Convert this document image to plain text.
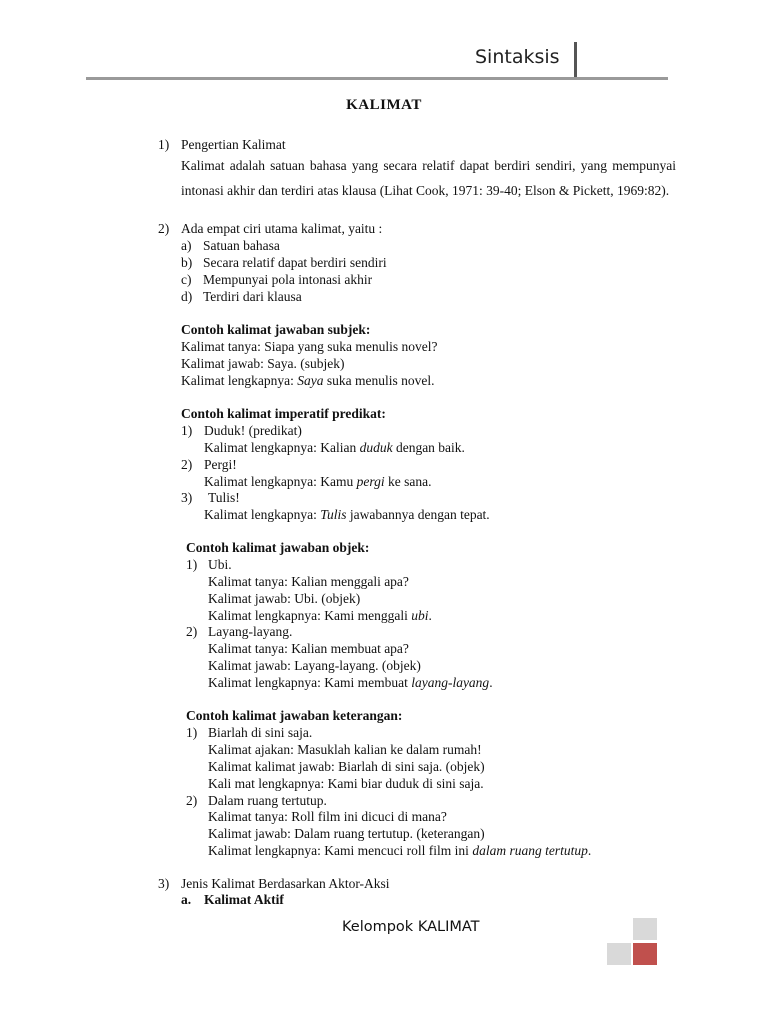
Sintaksis
KALIMAT
1) Pengertian Kalimat
Kalimat adalah satuan bahasa yang secara relatif dapat berdiri sendiri, yang mempunyai intonasi akhir dan terdiri atas klausa (Lihat Cook, 1971: 39-40; Elson & Pickett, 1969:82).
2) Ada empat ciri utama kalimat, yaitu :
a) Satuan bahasa
b) Secara relatif dapat berdiri sendiri
c) Mempunyai pola intonasi akhir
d) Terdiri dari klausa
Contoh kalimat jawaban subjek:
Kalimat tanya: Siapa yang suka menulis novel?
Kalimat jawab: Saya. (subjek)
Kalimat lengkapnya: Saya suka menulis novel.
Contoh kalimat imperatif predikat:
1) Duduk! (predikat)
Kalimat lengkapnya: Kalian duduk dengan baik.
2) Pergi!
Kalimat lengkapnya: Kamu pergi ke sana.
3) Tulis!
Kalimat lengkapnya: Tulis jawabannya dengan tepat.
Contoh kalimat jawaban objek:
1) Ubi.
Kalimat tanya: Kalian menggali apa?
Kalimat jawab: Ubi. (objek)
Kalimat lengkapnya: Kami menggali ubi.
2) Layang-layang.
Kalimat tanya: Kalian membuat apa?
Kalimat jawab: Layang-layang. (objek)
Kalimat lengkapnya: Kami membuat layang-layang.
Contoh kalimat jawaban keterangan:
1) Biarlah di sini saja.
Kalimat ajakan: Masuklah kalian ke dalam rumah!
Kalimat kalimat jawab: Biarlah di sini saja. (objek)
Kali mat lengkapnya: Kami biar duduk di sini saja.
2) Dalam ruang tertutup.
Kalimat tanya: Roll film ini dicuci di mana?
Kalimat jawab: Dalam ruang tertutup. (keterangan)
Kalimat lengkapnya: Kami mencuci roll film ini dalam ruang tertutup.
3) Jenis Kalimat Berdasarkan Aktor-Aksi
a. Kalimat Aktif
Kelompok KALIMAT
